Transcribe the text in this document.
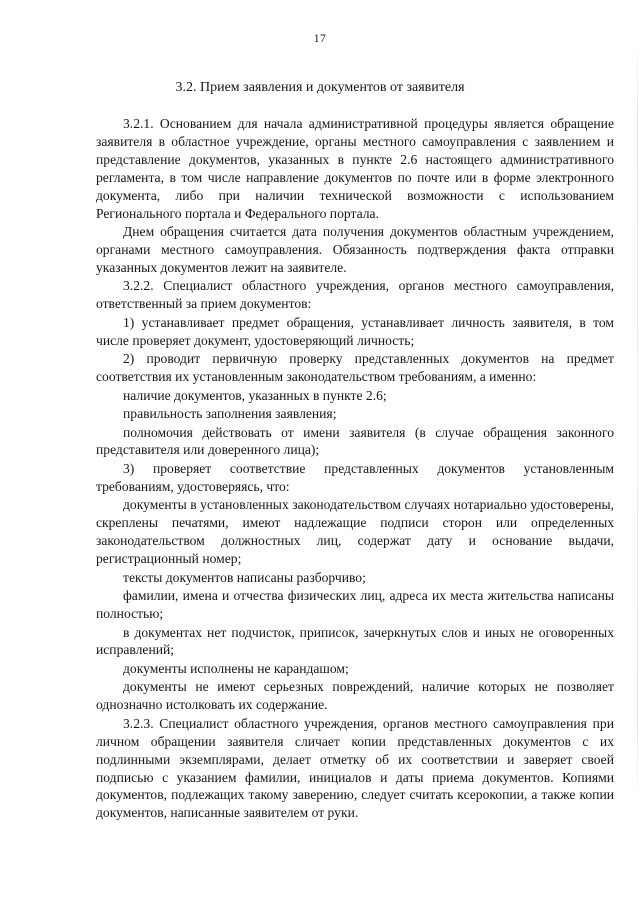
17
3.2. Прием заявления и документов от заявителя

3.2.1. Основанием для начала административной процедуры является обращение заявителя в областное учреждение, органы местного самоуправления с заявлением и представление документов, указанных в пункте 2.6 настоящего административного регламента, в том числе направление документов по почте или в форме электронного документа, либо при наличии технической возможности с использованием Регионального портала и Федерального портала.

Днем обращения считается дата получения документов областным учреждением, органами местного самоуправления. Обязанность подтверждения факта отправки указанных документов лежит на заявителе.

3.2.2. Специалист областного учреждения, органов местного самоуправления, ответственный за прием документов:

1) устанавливает предмет обращения, устанавливает личность заявителя, в том числе проверяет документ, удостоверяющий личность;

2) проводит первичную проверку представленных документов на предмет соответствия их установленным законодательством требованиям, а именно:

наличие документов, указанных в пункте 2.6;

правильность заполнения заявления;

полномочия действовать от имени заявителя (в случае обращения законного представителя или доверенного лица);

3) проверяет соответствие представленных документов установленным требованиям, удостоверяясь, что:

документы в установленных законодательством случаях нотариально удостоверены, скреплены печатями, имеют надлежащие подписи сторон или определенных законодательством должностных лиц, содержат дату и основание выдачи, регистрационный номер;

тексты документов написаны разборчиво;

фамилии, имена и отчества физических лиц, адреса их места жительства написаны полностью;

в документах нет подчисток, приписок, зачеркнутых слов и иных не оговоренных исправлений;

документы исполнены не карандашом;

документы не имеют серьезных повреждений, наличие которых не позволяет однозначно истолковать их содержание.

3.2.3. Специалист областного учреждения, органов местного самоуправления при личном обращении заявителя сличает копии представленных документов с их подлинными экземплярами, делает отметку об их соответствии и заверяет своей подписью с указанием фамилии, инициалов и даты приема документов. Копиями документов, подлежащих такому заверению, следует считать ксерокопии, а также копии документов, написанные заявителем от руки.
